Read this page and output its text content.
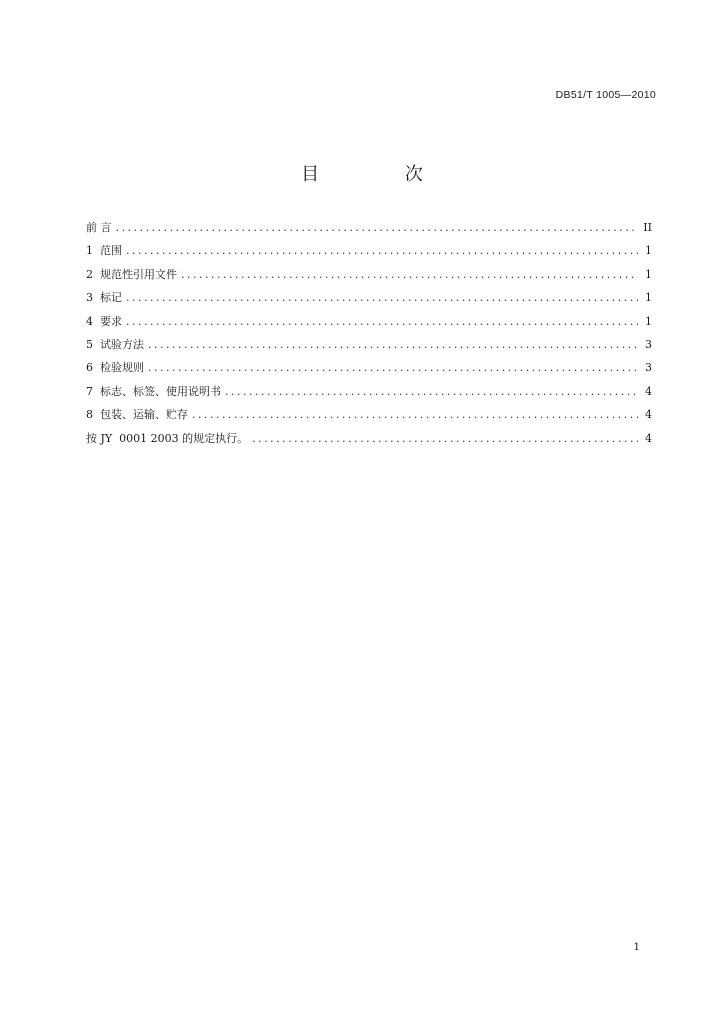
DB51/T 1005—2010
目 次
前 言 .....	II
1  范围 .....	1
2  规范性引用文件 .....	1
3  标记 .....	1
4  要求 .....	1
5  试验方法 .....	3
6  检验规则 .....	3
7  标志、标签、使用说明书 .....	4
8  包装、运输、贮存 .....	4
按 JY  0001 2003 的规定执行。 .....	4
1
